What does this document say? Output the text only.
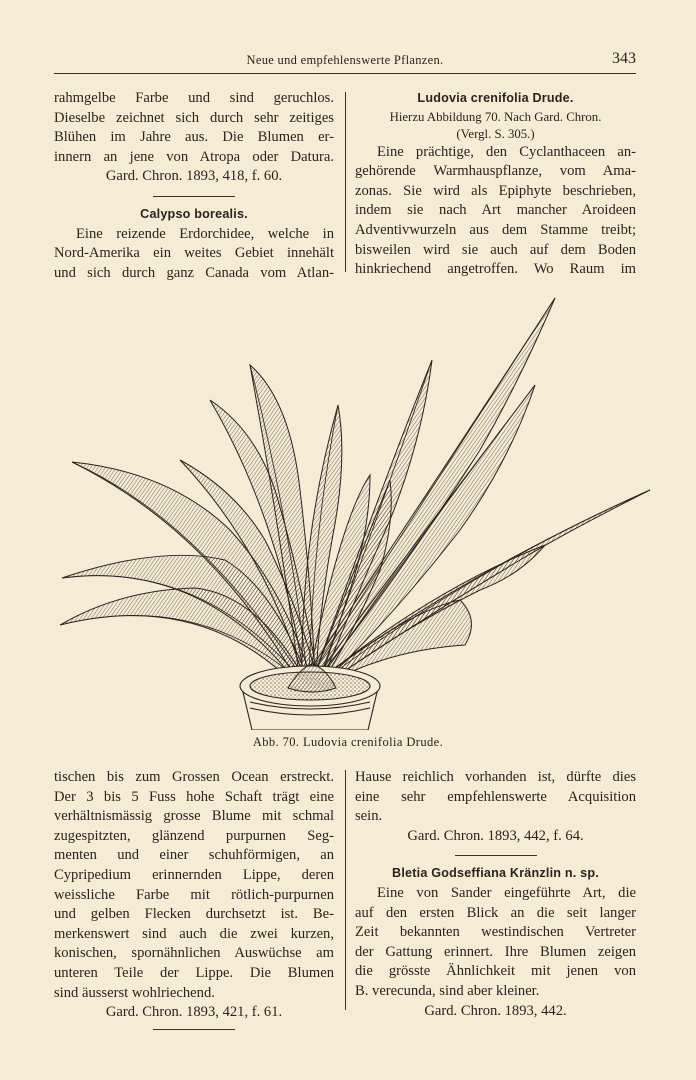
Neue und empfehlenswerte Pflanzen.	343
rahmgelbe Farbe und sind geruchlos.
Dieselbe zeichnet sich durch sehr zeitiges
Blühen im Jahre aus. Die Blumen er-
innern an jene von Atropa oder Datura.
Gard. Chron. 1893, 418, f. 60.
Calypso borealis.
Eine reizende Erdorchidee, welche in
Nord-Amerika ein weites Gebiet innehält
und sich durch ganz Canada vom Atlan-
Ludovia crenifolia Drude.
Hierzu Abbildung 70. Nach Gard. Chron.
(Vergl. S. 305.)
Eine prächtige, den Cyclanthaceen an-
gehörende Warmhauspflanze, vom Ama-
zonas. Sie wird als Epiphyte beschrieben,
indem sie nach Art mancher Aroideen
Adventivwurzeln aus dem Stamme treibt;
bisweilen wird sie auch auf dem Boden
hinkriechend angetroffen. Wo Raum im
Abb. 70. Ludovia crenifolia Drude.
tischen bis zum Grossen Ocean erstreckt.
Der 3 bis 5 Fuss hohe Schaft trägt eine
verhältnismässig grosse Blume mit schmal
zugespitzten, glänzend purpurnen Seg-
menten und einer schuhförmigen, an
Cypripedium erinnernden Lippe, deren
weissliche Farbe mit rötlich-purpurnen
und gelben Flecken durchsetzt ist. Be-
merkenswert sind auch die zwei kurzen,
konischen, spornähnlichen Auswüchse am
unteren Teile der Lippe. Die Blumen
sind äusserst wohlriechend.
Gard. Chron. 1893, 421, f. 61.
Hause reichlich vorhanden ist, dürfte dies
eine sehr empfehlenswerte Acquisition
sein.
Gard. Chron. 1893, 442, f. 64.
Bletia Godseffiana Kränzlin n. sp.
Eine von Sander eingeführte Art, die
auf den ersten Blick an die seit langer
Zeit bekannten westindischen Vertreter
der Gattung erinnert. Ihre Blumen zeigen
die grösste Ähnlichkeit mit jenen von
B. verecunda, sind aber kleiner.
Gard. Chron. 1893, 442.
